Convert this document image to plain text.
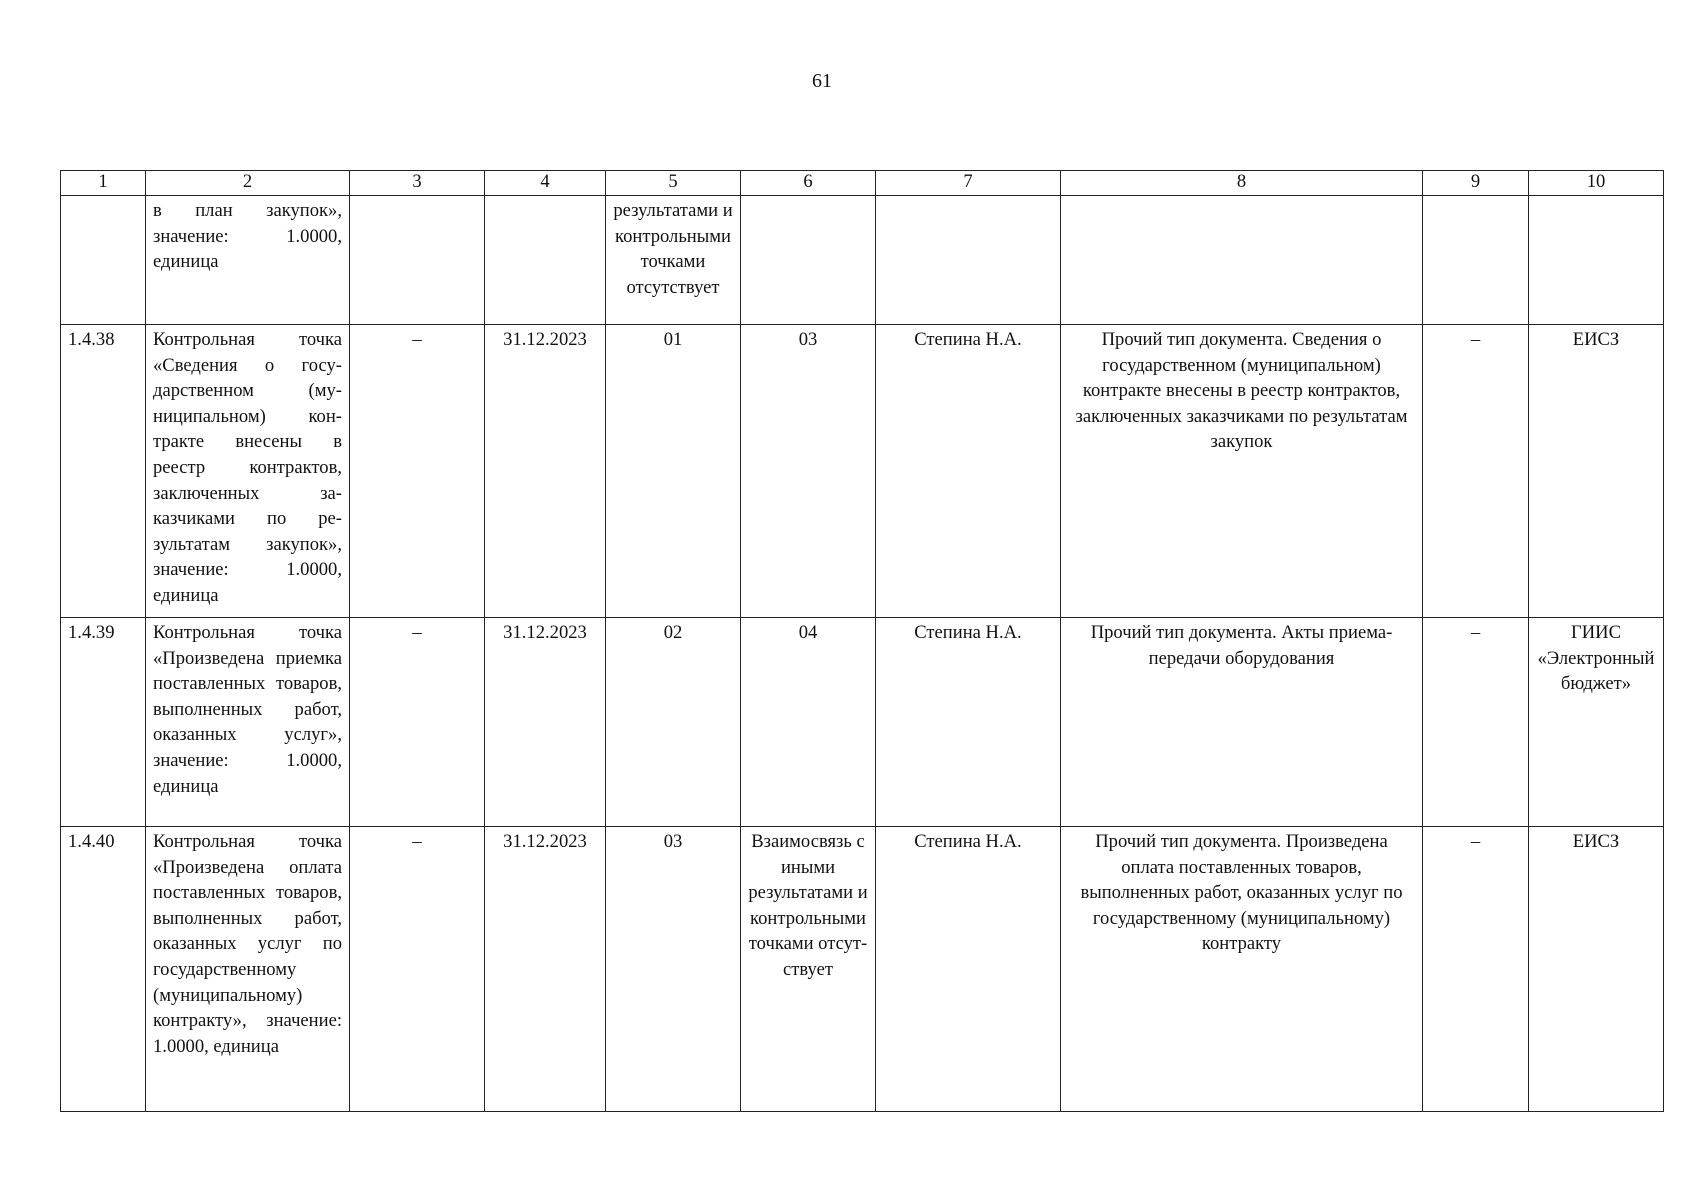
61
1	2	3	4	5	6	7	8	9	10
	в план закупок», значение: 1.0000, единица			результатами и контрольными точками отсутствует					
1.4.38	Контрольная точка «Сведения о государственном (муниципальном) контракте внесены в реестр контрактов, заключенных заказчиками по результатам закупок», значение: 1.0000, единица	–	31.12.2023	01	03	Степина Н.А.	Прочий тип документа. Сведения о государственном (муниципальном) контракте внесены в реестр контрактов, заключенных заказчиками по результатам закупок	–	ЕИСЗ
1.4.39	Контрольная точка «Произведена приемка поставленных товаров, выполненных работ, оказанных услуг», значение: 1.0000, единица	–	31.12.2023	02	04	Степина Н.А.	Прочий тип документа. Акты приема-передачи оборудования	–	ГИИС «Электронный бюджет»
1.4.40	Контрольная точка «Произведена оплата поставленных товаров, выполненных работ, оказанных услуг по государственному (муниципальному) контракту», значение: 1.0000, единица	–	31.12.2023	03	Взаимосвязь с иными результатами и контрольными точками отсутствует	Степина Н.А.	Прочий тип документа. Произведена оплата поставленных товаров, выполненных работ, оказанных услуг по государственному (муниципальному) контракту	–	ЕИСЗ
